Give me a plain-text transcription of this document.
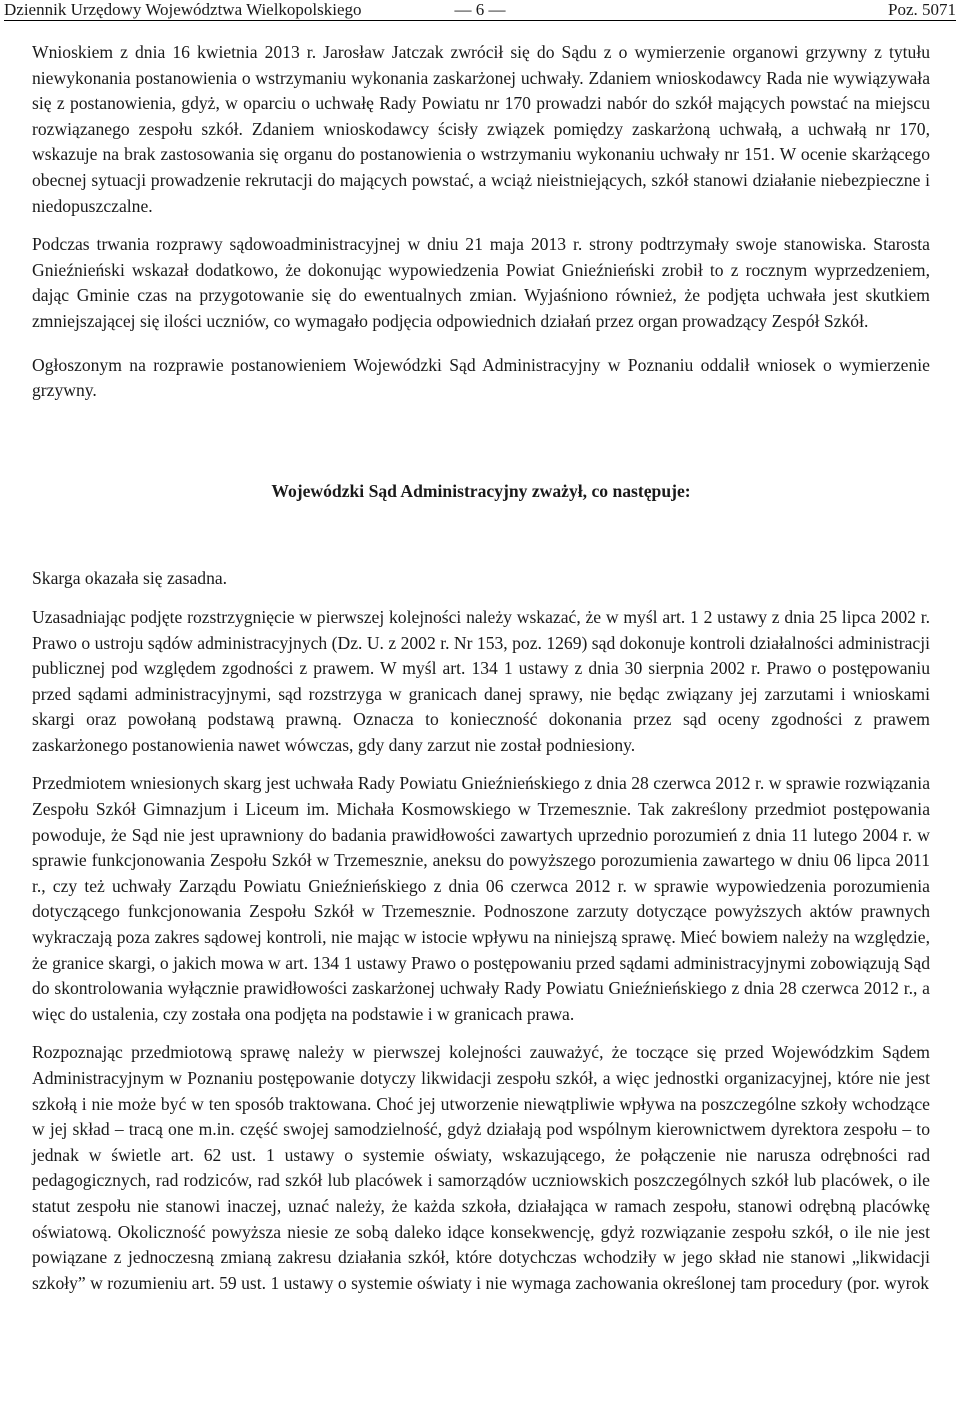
Dziennik Urzędowy Województwa Wielkopolskiego	— 6 —	Poz. 5071

Wnioskiem z dnia 16 kwietnia 2013 r. Jarosław Jatczak zwrócił się do Sądu z o wymierzenie organowi grzywny z tytułu niewykonania postanowienia o wstrzymaniu wykonania zaskarżonej uchwały. Zdaniem wnioskodawcy Rada nie wywiązywała się z postanowienia, gdyż, w oparciu o uchwałę Rady Powiatu nr 170 prowadzi nabór do szkół mających powstać na miejscu rozwiązanego zespołu szkół. Zdaniem wnioskodawcy ścisły związek pomiędzy zaskarżoną uchwałą, a uchwałą nr 170, wskazuje na brak zastosowania się organu do postanowienia o wstrzymaniu wykonaniu uchwały nr 151. W ocenie skarżącego obecnej sytuacji prowadzenie rekrutacji do mających powstać, a wciąż nieistniejących, szkół stanowi działanie niebezpieczne i niedopuszczalne.

Podczas trwania rozprawy sądowoadministracyjnej w dniu 21 maja 2013 r. strony podtrzymały swoje stanowiska. Starosta Gnieźnieński wskazał dodatkowo, że dokonując wypowiedzenia Powiat Gnieźnieński zrobił to z rocznym wyprzedzeniem, dając Gminie czas na przygotowanie się do ewentualnych zmian. Wyjaśniono również, że podjęta uchwała jest skutkiem zmniejszającej się ilości uczniów, co wymagało podjęcia odpowiednich działań przez organ prowadzący Zespół Szkół.

Ogłoszonym na rozprawie postanowieniem Wojewódzki Sąd Administracyjny w Poznaniu oddalił wniosek o wymierzenie grzywny.

Wojewódzki Sąd Administracyjny zważył, co następuje:

Skarga okazała się zasadna.

Uzasadniając podjęte rozstrzygnięcie w pierwszej kolejności należy wskazać, że w myśl art. 1 2 ustawy z dnia 25 lipca 2002 r. Prawo o ustroju sądów administracyjnych (Dz. U. z 2002 r. Nr 153, poz. 1269) sąd dokonuje kontroli działalności administracji publicznej pod względem zgodności z prawem. W myśl art. 134 1 ustawy z dnia 30 sierpnia 2002 r. Prawo o postępowaniu przed sądami administracyjnymi, sąd rozstrzyga w granicach danej sprawy, nie będąc związany jej zarzutami i wnioskami skargi oraz powołaną podstawą prawną. Oznacza to konieczność dokonania przez sąd oceny zgodności z prawem zaskarżonego postanowienia nawet wówczas, gdy dany zarzut nie został podniesiony.

Przedmiotem wniesionych skarg jest uchwała Rady Powiatu Gnieźnieńskiego z dnia 28 czerwca 2012 r. w sprawie rozwiązania Zespołu Szkół Gimnazjum i Liceum im. Michała Kosmowskiego w Trzemesznie. Tak zakreślony przedmiot postępowania powoduje, że Sąd nie jest uprawniony do badania prawidłowości zawartych uprzednio porozumień z dnia 11 lutego 2004 r. w sprawie funkcjonowania Zespołu Szkół w Trzemesznie, aneksu do powyższego porozumienia zawartego w dniu 06 lipca 2011 r., czy też uchwały Zarządu Powiatu Gnieźnieńskiego z dnia 06 czerwca 2012 r. w sprawie wypowiedzenia porozumienia dotyczącego funkcjonowania Zespołu Szkół w Trzemesznie. Podnoszone zarzuty dotyczące powyższych aktów prawnych wykraczają poza zakres sądowej kontroli, nie mając w istocie wpływu na niniejszą sprawę. Mieć bowiem należy na względzie, że granice skargi, o jakich mowa w art. 134 1 ustawy Prawo o postępowaniu przed sądami administracyjnymi zobowiązują Sąd do skontrolowania wyłącznie prawidłowości zaskarżonej uchwały Rady Powiatu Gnieźnieńskiego z dnia 28 czerwca 2012 r., a więc do ustalenia, czy została ona podjęta na podstawie i w granicach prawa.

Rozpoznając przedmiotową sprawę należy w pierwszej kolejności zauważyć, że toczące się przed Wojewódzkim Sądem Administracyjnym w Poznaniu postępowanie dotyczy likwidacji zespołu szkół, a więc jednostki organizacyjnej, które nie jest szkołą i nie może być w ten sposób traktowana. Choć jej utworzenie niewątpliwie wpływa na poszczególne szkoły wchodzące w jej skład – tracą one m.in. część swojej samodzielność, gdyż działają pod wspólnym kierownictwem dyrektora zespołu – to jednak w świetle art. 62 ust. 1 ustawy o systemie oświaty, wskazującego, że połączenie nie narusza odrębności rad pedagogicznych, rad rodziców, rad szkół lub placówek i samorządów uczniowskich poszczególnych szkół lub placówek, o ile statut zespołu nie stanowi inaczej, uznać należy, że każda szkoła, działająca w ramach zespołu, stanowi odrębną placówkę oświatową. Okoliczność powyższa niesie ze sobą daleko idące konsekwencję, gdyż rozwiązanie zespołu szkół, o ile nie jest powiązane z jednoczesną zmianą zakresu działania szkół, które dotychczas wchodziły w jego skład nie stanowi „likwidacji szkoły” w rozumieniu art. 59 ust. 1 ustawy o systemie oświaty i nie wymaga zachowania określonej tam procedury (por. wyrok
